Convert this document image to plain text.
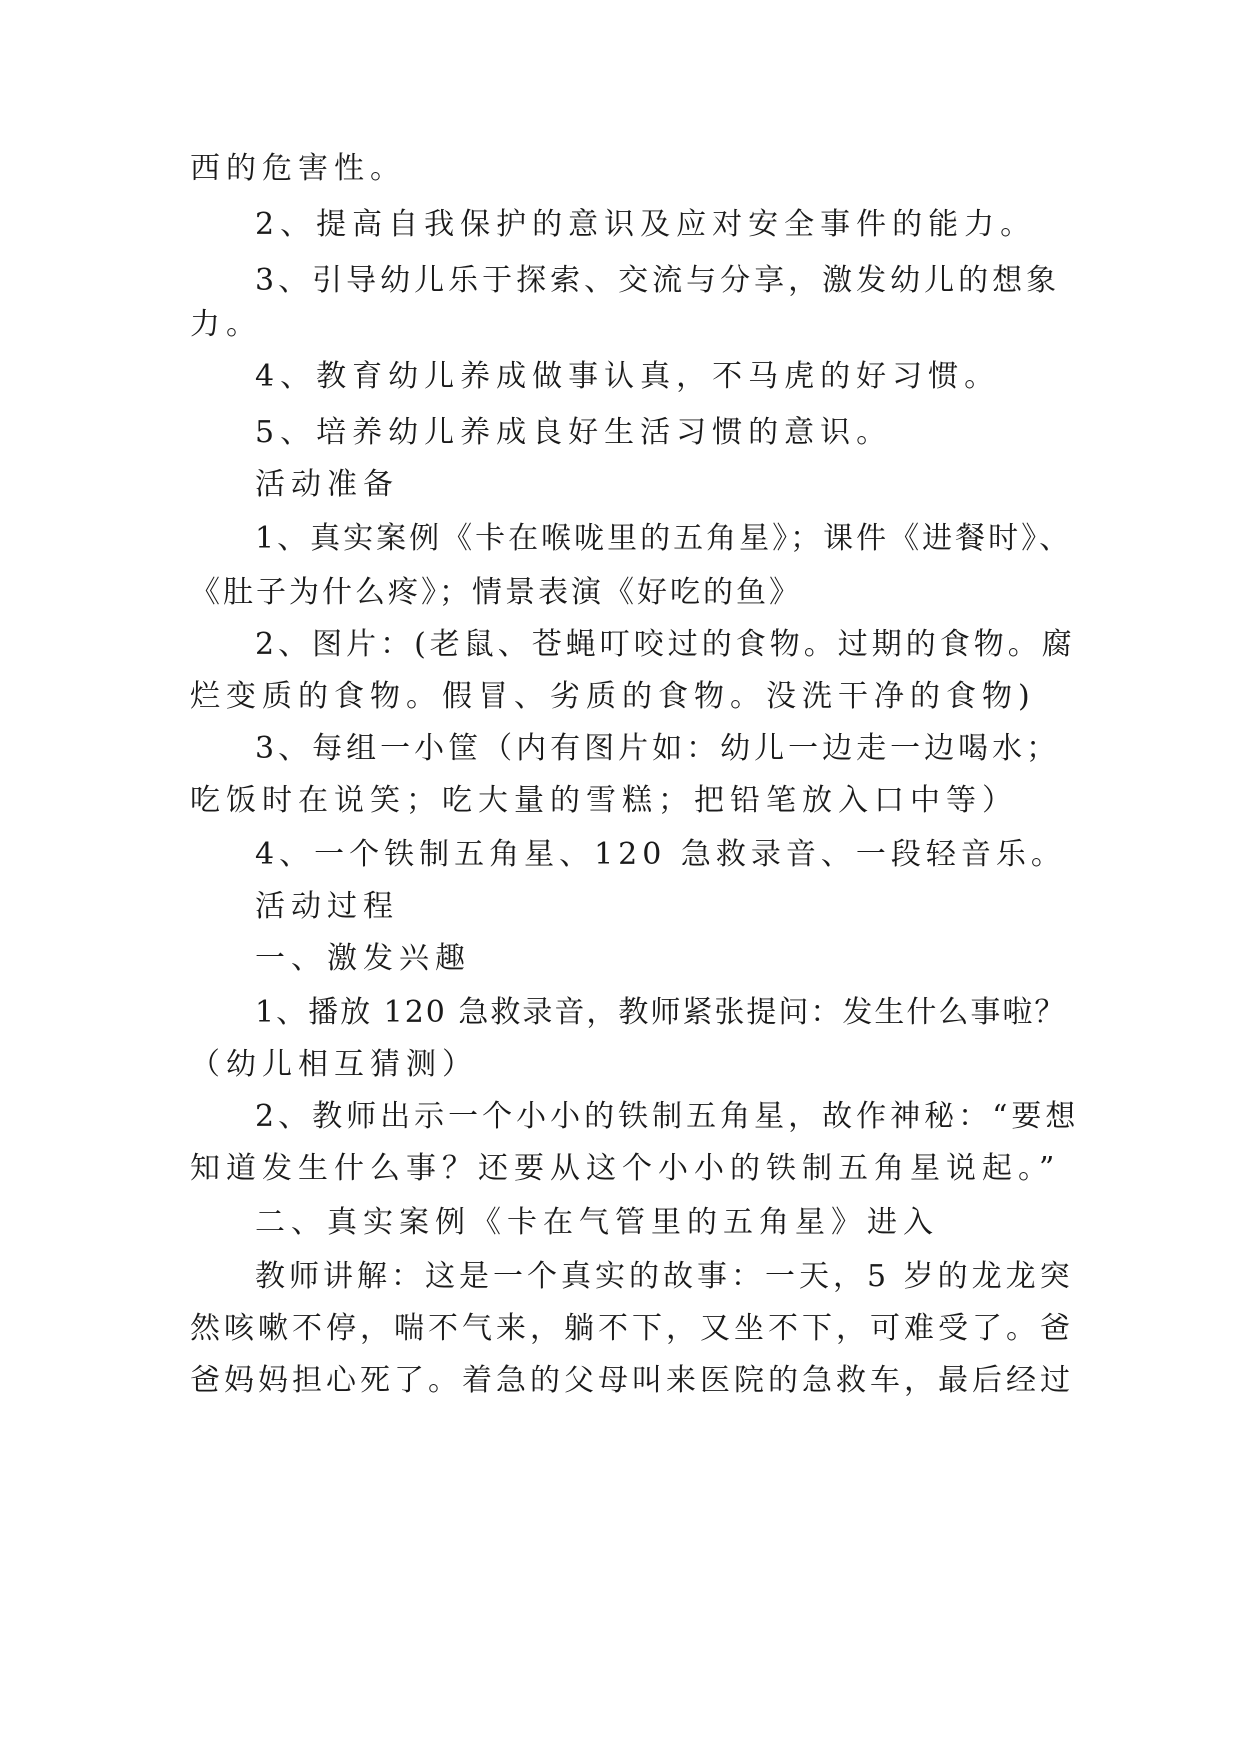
西的危害性。
2、提高自我保护的意识及应对安全事件的能力。
3、引导幼儿乐于探索、交流与分享，激发幼儿的想象
力。
4、教育幼儿养成做事认真，不马虎的好习惯。
5、培养幼儿养成良好生活习惯的意识。
活动准备
1、真实案例《卡在喉咙里的五角星》；课件《进餐时》、
《肚子为什么疼》；情景表演《好吃的鱼》
2、图片：(老鼠、苍蝇叮咬过的食物。过期的食物。腐
烂变质的食物。假冒、劣质的食物。没洗干净的食物)
3、每组一小筐（内有图片如：幼儿一边走一边喝水；
吃饭时在说笑；吃大量的雪糕；把铅笔放入口中等）
4、一个铁制五角星、120 急救录音、一段轻音乐。
活动过程
一、激发兴趣
1、播放 120 急救录音，教师紧张提问：发生什么事啦？
（幼儿相互猜测）
2、教师出示一个小小的铁制五角星，故作神秘：“要想
知道发生什么事？还要从这个小小的铁制五角星说起。”
二、真实案例《卡在气管里的五角星》进入
教师讲解：这是一个真实的故事：一天，5 岁的龙龙突
然咳嗽不停，喘不气来，躺不下，又坐不下，可难受了。爸
爸妈妈担心死了。着急的父母叫来医院的急救车，最后经过
